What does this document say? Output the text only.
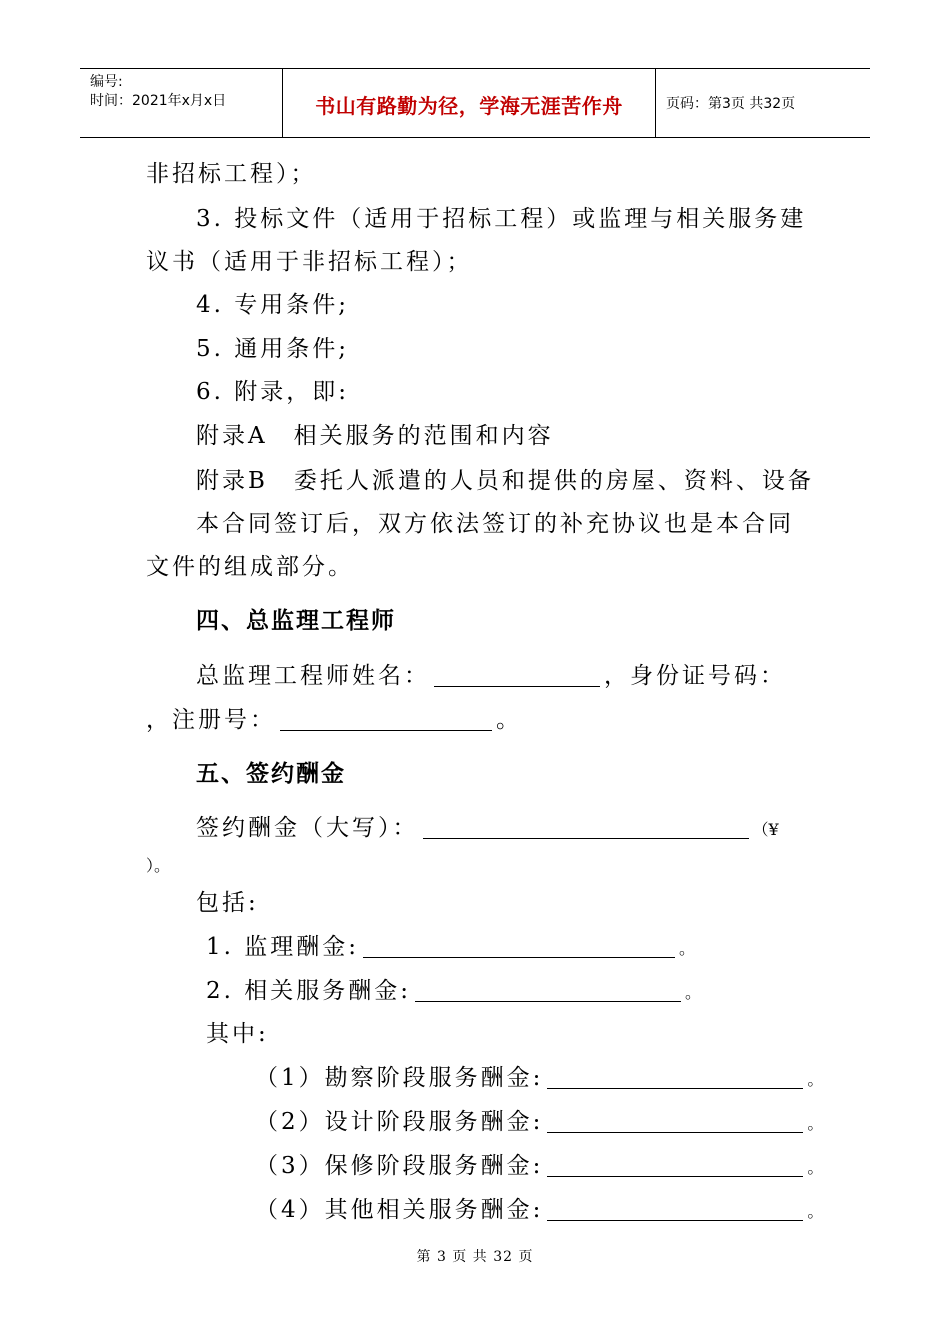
编号:
时间：2021年x月x日	书山有路勤为径，学海无涯苦作舟	页码：第3页 共32页
非招标工程）；
3. 投标文件（适用于招标工程）或监理与相关服务建
议书（适用于非招标工程）；
4. 专用条件;
5. 通用条件;
6. 附录，即:
附录A　相关服务的范围和内容
附录B　委托人派遣的人员和提供的房屋、资料、设备
本合同签订后，双方依法签订的补充协议也是本合同
文件的组成部分。
四、总监理工程师
总监理工程师姓名：	，身份证号码：
，注册号：	。
五、签约酬金
签约酬金（大写）：	（¥
）。
包括:
1. 监理酬金:	。
2. 相关服务酬金:	。
其中:
（1）勘察阶段服务酬金:	。
（2）设计阶段服务酬金:	。
（3）保修阶段服务酬金:	。
（4）其他相关服务酬金:	。
第 3 页 共 32 页
